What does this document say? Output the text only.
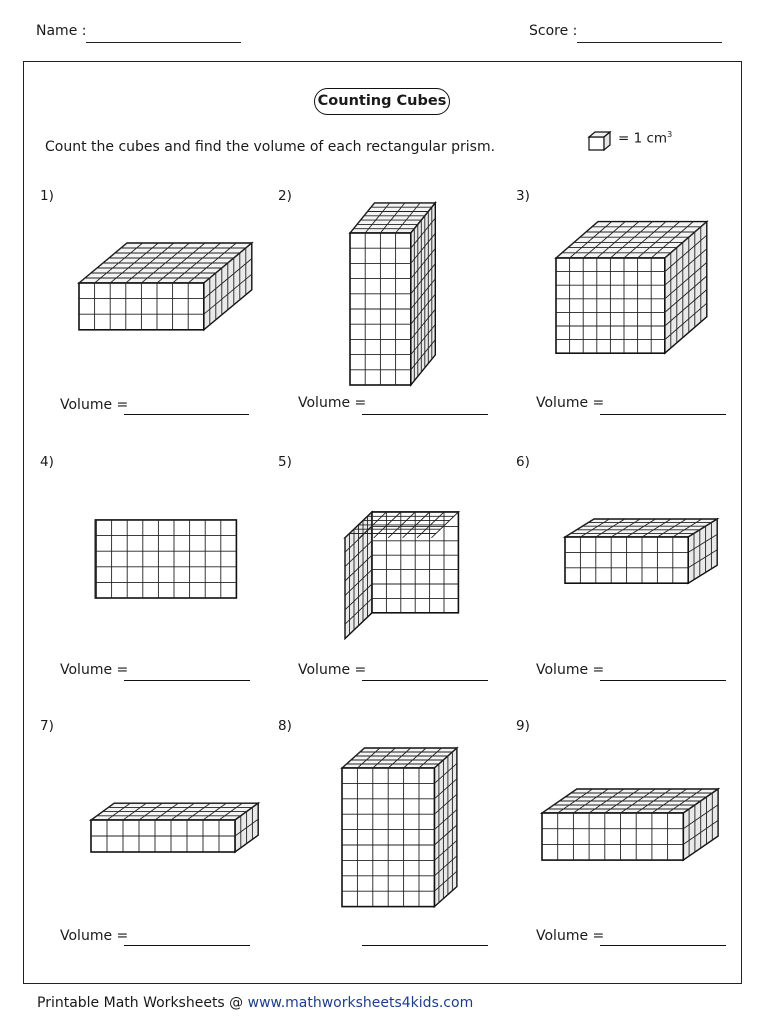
Name :	Score :
Counting Cubes
Count the cubes and find the volume of each rectangular prism.
= 1 $cm^3$
1)	2)	3)
4)	5)	6)
7)	8)	9)
Volume =	Volume =	Volume =
Volume =	Volume =	Volume =
Volume =	Volume =
Printable Math Worksheets @ www.mathworksheets4kids.com
